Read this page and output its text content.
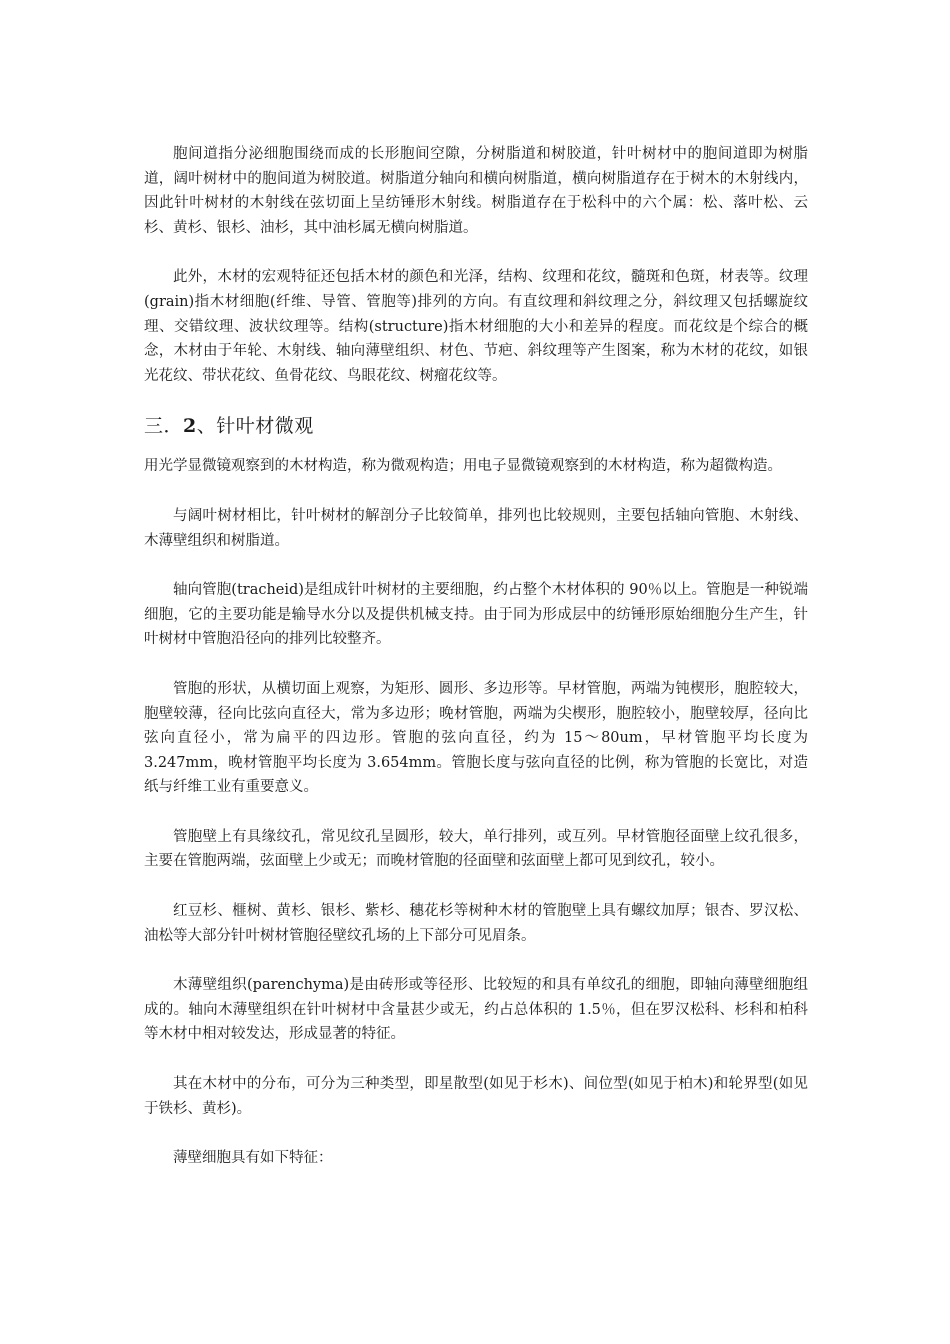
胞间道指分泌细胞围绕而成的长形胞间空隙，分树脂道和树胶道，针叶树材中的胞间道即为树脂道，阔叶树材中的胞间道为树胶道。树脂道分轴向和横向树脂道，横向树脂道存在于树木的木射线内，因此针叶树材的木射线在弦切面上呈纺锤形木射线。树脂道存在于松科中的六个属：松、落叶松、云杉、黄杉、银杉、油杉，其中油杉属无横向树脂道。

此外，木材的宏观特征还包括木材的颜色和光泽，结构、纹理和花纹，髓斑和色斑，材表等。纹理(grain)指木材细胞(纤维、导管、管胞等)排列的方向。有直纹理和斜纹理之分，斜纹理又包括螺旋纹理、交错纹理、波状纹理等。结构(structure)指木材细胞的大小和差异的程度。而花纹是个综合的概念，木材由于年轮、木射线、轴向薄壁组织、材色、节疤、斜纹理等产生图案，称为木材的花纹，如银光花纹、带状花纹、鱼骨花纹、鸟眼花纹、树瘤花纹等。

三．2、针叶材微观

用光学显微镜观察到的木材构造，称为微观构造；用电子显微镜观察到的木材构造，称为超微构造。

与阔叶树材相比，针叶树材的解剖分子比较简单，排列也比较规则，主要包括轴向管胞、木射线、木薄壁组织和树脂道。

轴向管胞(tracheid)是组成针叶树材的主要细胞，约占整个木材体积的 90％以上。管胞是一种锐端细胞，它的主要功能是输导水分以及提供机械支持。由于同为形成层中的纺锤形原始细胞分生产生，针叶树材中管胞沿径向的排列比较整齐。

管胞的形状，从横切面上观察，为矩形、圆形、多边形等。早材管胞，两端为钝楔形，胞腔较大，胞壁较薄，径向比弦向直径大，常为多边形；晚材管胞，两端为尖楔形，胞腔较小，胞壁较厚，径向比弦向直径小，常为扁平的四边形。管胞的弦向直径，约为 15～80um，早材管胞平均长度为 3.247mm，晚材管胞平均长度为 3.654mm。管胞长度与弦向直径的比例，称为管胞的长宽比，对造纸与纤维工业有重要意义。

管胞壁上有具缘纹孔，常见纹孔呈圆形，较大，单行排列，或互列。早材管胞径面壁上纹孔很多，主要在管胞两端，弦面壁上少或无；而晚材管胞的径面壁和弦面壁上都可见到纹孔，较小。

红豆杉、榧树、黄杉、银杉、紫杉、穗花杉等树种木材的管胞壁上具有螺纹加厚；银杏、罗汉松、油松等大部分针叶树材管胞径壁纹孔场的上下部分可见眉条。

木薄壁组织(parenchyma)是由砖形或等径形、比较短的和具有单纹孔的细胞，即轴向薄壁细胞组成的。轴向木薄壁组织在针叶树材中含量甚少或无，约占总体积的 1.5％，但在罗汉松科、杉科和柏科等木材中相对较发达，形成显著的特征。

其在木材中的分布，可分为三种类型，即星散型(如见于杉木)、间位型(如见于柏木)和轮界型(如见于铁杉、黄杉)。

薄壁细胞具有如下特征：
